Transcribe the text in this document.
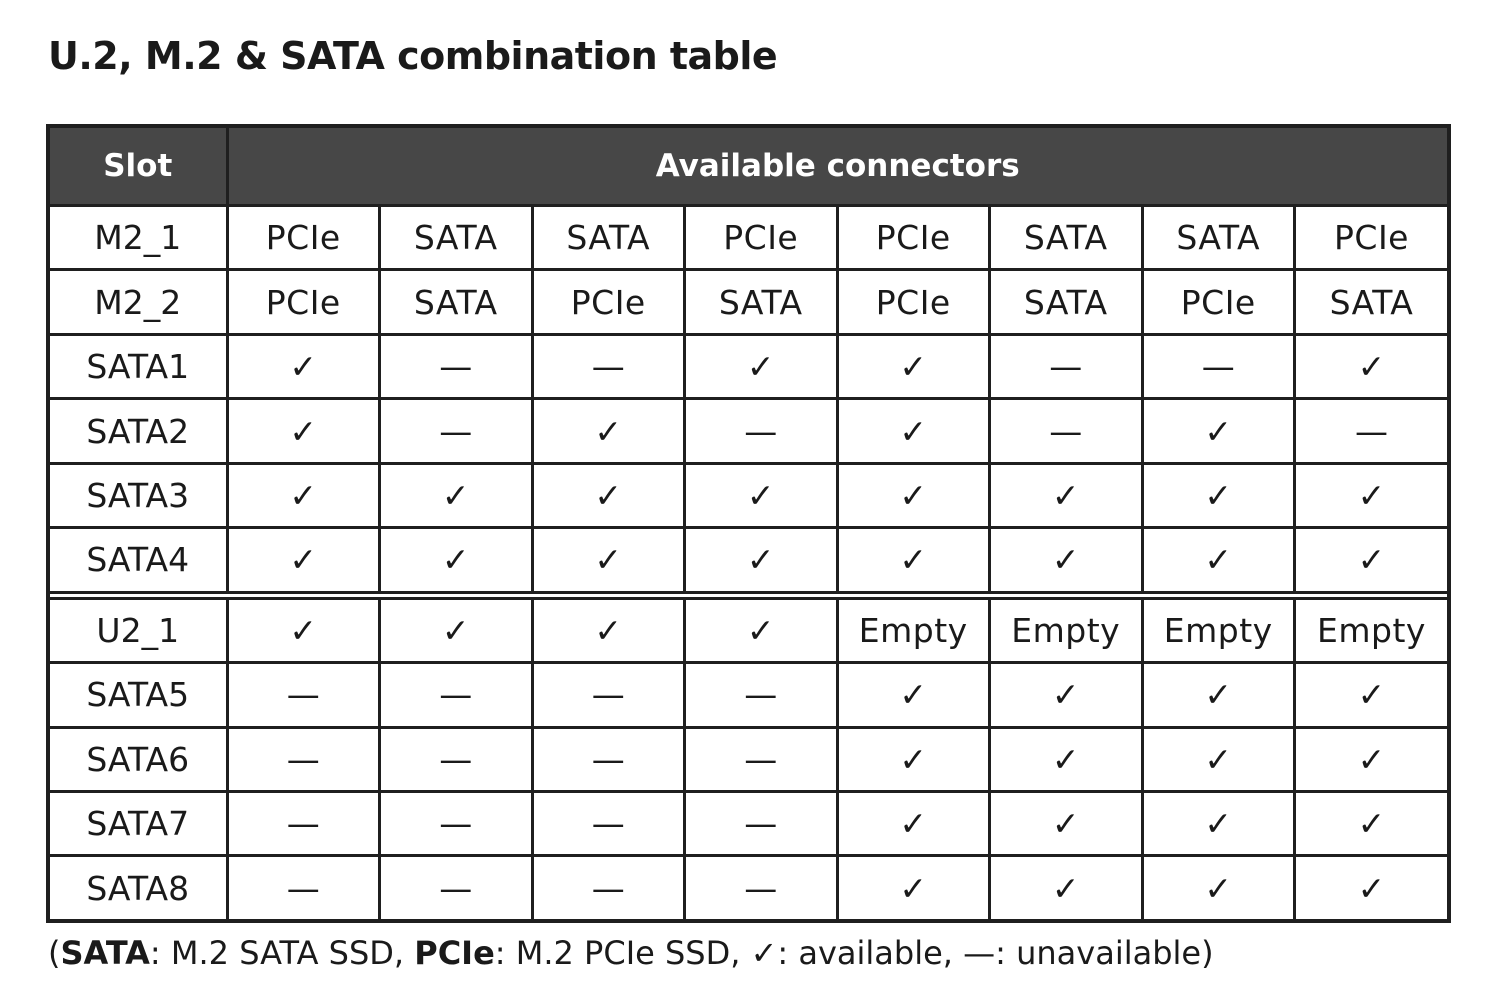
U.2, M.2 & SATA combination table
Slot	Available connectors							
M2_1	PCIe	SATA	SATA	PCIe	PCIe	SATA	SATA	PCIe
M2_2	PCIe	SATA	PCIe	SATA	PCIe	SATA	PCIe	SATA
SATA1	✓	—	—	✓	✓	—	—	✓
SATA2	✓	—	✓	—	✓	—	✓	—
SATA3	✓	✓	✓	✓	✓	✓	✓	✓
SATA4	✓	✓	✓	✓	✓	✓	✓	✓
U2_1	✓	✓	✓	✓	Empty	Empty	Empty	Empty
SATA5	—	—	—	—	✓	✓	✓	✓
SATA6	—	—	—	—	✓	✓	✓	✓
SATA7	—	—	—	—	✓	✓	✓	✓
SATA8	—	—	—	—	✓	✓	✓	✓
(SATA: M.2 SATA SSD, PCIe: M.2 PCIe SSD, ✓: available, —: unavailable)
